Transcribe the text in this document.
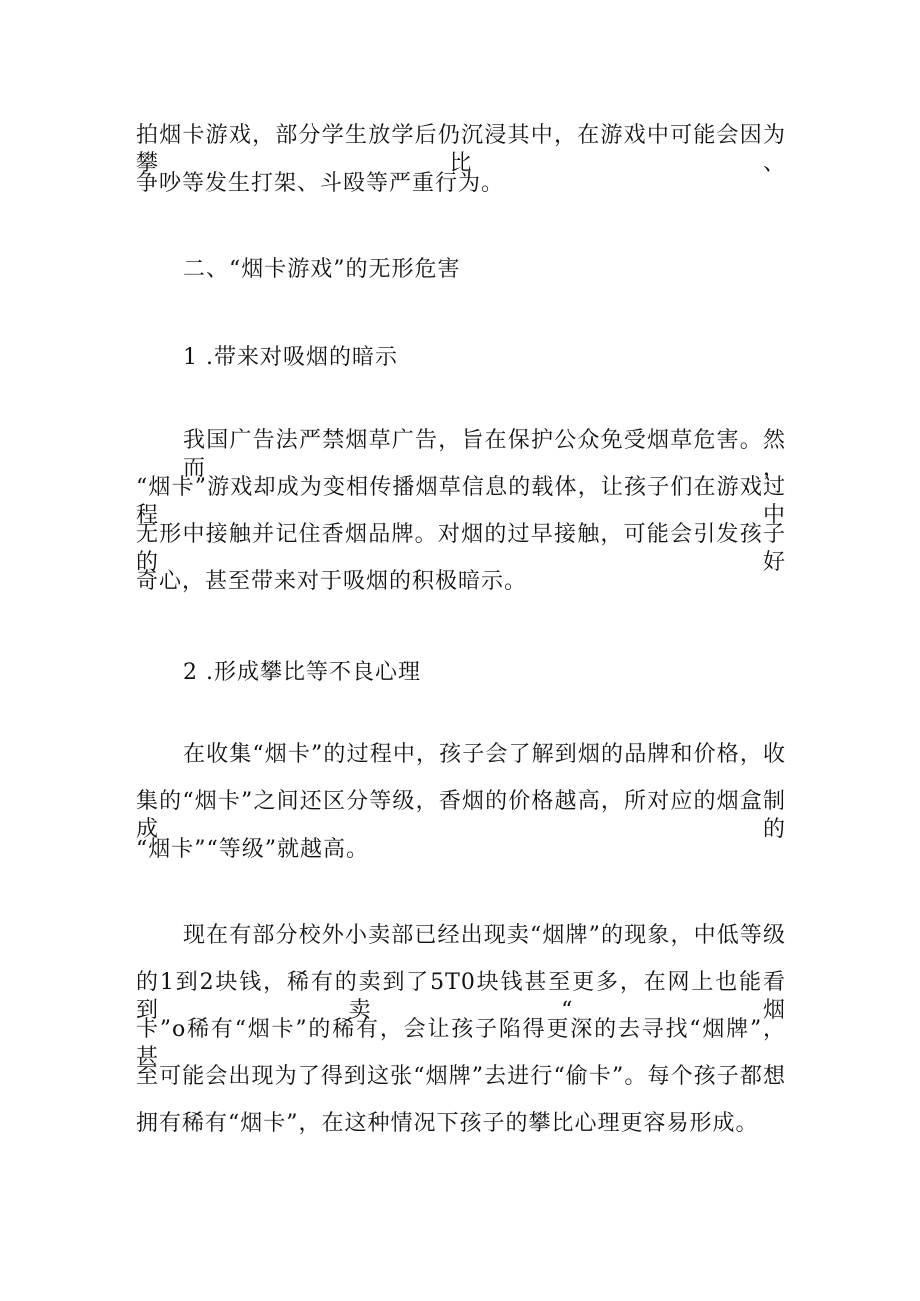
拍烟卡游戏，部分学生放学后仍沉浸其中，在游戏中可能会因为攀比、
争吵等发生打架、斗殴等严重行为。
二、“烟卡游戏”的无形危害
1 .带来对吸烟的暗示
我国广告法严禁烟草广告，旨在保护公众免受烟草危害。然而，
“烟卡”游戏却成为变相传播烟草信息的载体，让孩子们在游戏过程中
无形中接触并记住香烟品牌。对烟的过早接触，可能会引发孩子的好
奇心，甚至带来对于吸烟的积极暗示。
2 .形成攀比等不良心理
在收集“烟卡”的过程中，孩子会了解到烟的品牌和价格，收
集的“烟卡”之间还区分等级，香烟的价格越高，所对应的烟盒制成的
“烟卡”“等级”就越高。
现在有部分校外小卖部已经出现卖“烟牌”的现象，中低等级
的1到2块钱，稀有的卖到了5T0块钱甚至更多，在网上也能看到卖“烟
卡”o稀有“烟卡”的稀有，会让孩子陷得更深的去寻找“烟牌”，甚
至可能会出现为了得到这张“烟牌”去进行“偷卡”。每个孩子都想
拥有稀有“烟卡”，在这种情况下孩子的攀比心理更容易形成。
